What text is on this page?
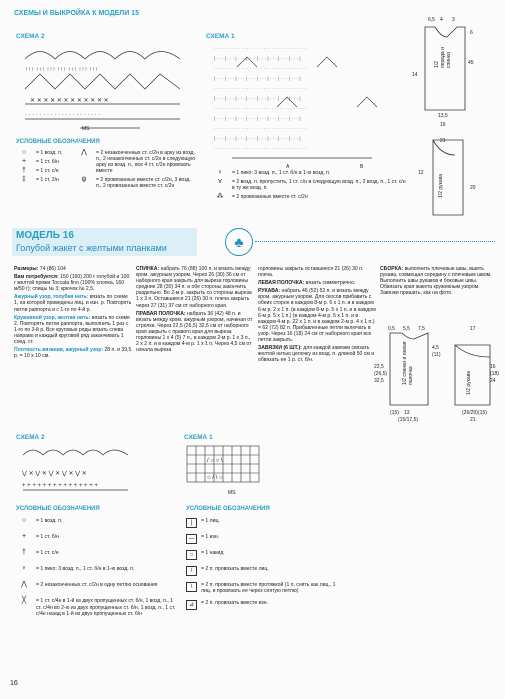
СХЕМЫ И ВЫКРОЙКА К МОДЕЛИ 15
СХЕМА 2	СХЕМА 1
✕ ✕ ✕ ✕ ✕ ✕ ✕ ✕ ✕ ✕ ✕ ✕
↑↑↑ ↑↑↑ ↑↑↑ ↑↑↑ ↑↑↑ ↑↑↑ ↑↑↑
· · · · · · · · · · · · · · · · · · · · ·
MS
· · · · · · · · · · · · · · · · · · · · · · · · · · · · · · · · · ·
| · · · | · · · | · · · | · · · | · · · | · · · | · · · | · · · |
· · · · · · · · · · · · · · · · · · · · · · · · · · · · · · · · · ·
| · · · | · · · | · · · | · · · | · · · | · · · | · · · | · · · |
· · · · · · · · · · · · · · · · · · · · · · · · · · · · · · · · · ·
| · · · | · · · | · · · | · · · | · · · | · · · | · · · | · · · |
· · · · · · · · · · · · · · · · · · · · · · · · · · · · · · · · · ·
| · · · | · · · | · · · | · · · | · · · | · · · | · · · | · · · |
· · · · · · · · · · · · · · · · · · · · · · · · · · · · · · · · · ·
| · · · | · · · | · · · | · · · | · · · | · · · | · · · | · · · |
· · · · · · · · · · · · · · · · · · · · · · · · · · · · · · · · · ·
A	B
♀	= 1 пико: 3 возд. п., 1 ст. б/н в 1-ю возд. п.
⋎	= 2 возд. п. пропустить, 1 ст. с/н в следующую возд. п., 2 возд. п., 1 ст. с/н в ту же возд. п.
⁂	= 2 провязанных вместе ст. с/2н
УСЛОВНЫЕ ОБОЗНАЧЕНИЯ
○	= 1 возд. п.
+	= 1 ст. б/н
†	= 1 ст. с/н
‡	= 1 ст. 2/н
⋀	= 2 незаконченных ст. с/2н в арку из возд. п., 2 незаконченных ст. с/2н в следующую арку из возд. п., все 4 ст. с/2н провязать вместе
ψ	= 2 провязанных вместе ст. с/2н, 3 возд. п., 2 провязанных вместе ст. с/2н
6,5 4 3
6
14
1/2 переда и спинки
13,5
16
45
21
12
20
1/2 рукава
МОДЕЛЬ 16
Голубой жакет с желтыми планками	♣

Размеры: 74 (86) 104

Вам потребуется: 150 (150) 200 г голубой и 100 г желтой пряжи Toccata fino (100% хлопка, 160 м/50 г); спицы № 3; крючок № 2,5.

Ажурный узор, голубая нить: вязать по схеме 1, на которой приведены лиц. и изн. р. Повторять петли раппорта и с 1-го по 4-й р.

Кружевной узор, желтая нить: вязать по схеме 2. Повторять петли раппорта, выполнить 1 раз с 1-го по 3-й р. Все круговые ряды вязать слева направо и каждый круговой ряд заканчивать 1 соед. ст.

Плотность вязания, ажурный узор: 28 п. и 39,5 р. = 10 х 10 см.

СПИНКА: набрать 76 (88) 100 п. и вязать между кром. ажурным узором. Через 26 (30) 36 см от наборного края закрыть для выреза горловины средние 28 (30) 34 п. и обе стороны закончить раздельно. Во 2-м р. закрыть со стороны выреза 1 х 3 п. Оставшиеся 21 (26) 30 п. плеча закрыть через 27 (31) 37 см от наборного края.

ПРАВАЯ ПОЛОЧКА: набрать 36 (42) 48 п. и вязать между кром. ажурным узором, начиная от стрелки. Через 22,5 (26,5) 32,5 см от наборного края закрыть с правого края для выреза горловины 1 х 4 (5) 7 п., в каждом 2-м р. 1 х 3 п., 2 х 2 п. и в каждом 4-м р. 1 х 1 п. Через 4,5 см от начала выреза

горловины закрыть оставшиеся 21 (26) 30 п. плеча.

ЛЕВАЯ ПОЛОЧКА: вязать симметрично.

РУКАВА: набрать 46 (52) 52 п. и вязать между кром. ажурным узором. Для скосов прибавить с обеих сторон в каждом 8-м р. 6 х 1 п. и в каждом 6-м р. 2 х 1 п. (в каждом 8-м р. 5 х 1 п. и в каждом 6-м р. 5 х 1 п.) (в каждом 4-м р. 5 х 1 п. и в каждом 4-м р. 22 х 1 п. и в каждом 2-м р. 4 х 1 п.) = 62 (72) 82 п. Прибавленные петли включать в узор. Через 16 (18) 24 см от наборного края все петли закрыть.

ЗАВЯЗКИ (6 ШТ.): для каждой завязки связать желтой нитью цепочку из возд. п. длиной 50 см и обвязать ее 1 р. ст. б/н.

СБОРКА: выполнить плечевые швы, вшить рукава, совмещая середину с плечевым швом. Выполнить швы рукавов и боковые швы. Обвязать края жакета кружевным узором. Завязки пришить, как на фото.

0,5 5,5 7,5
22,5
(26,5)
32,5	1/2 спинки и левая полочка
4,5
(11)
(15) 13
(15/17,5)
17
16
(18)
24
1/2 рукава
(26/29) (15)
21
СХЕМА 2	СХЕМА 1
⋁ ✕ ⋁ ✕ ⋁ ✕ ⋁ ✕ ⋁ ✕
+ + + + + + + + + + + + + + +
/ ○ ○ \
○ / \ ○
MS
УСЛОВНЫЕ ОБОЗНАЧЕНИЯ
○	= 1 возд. п.
+	= 1 ст. б/н
†	= 1 ст. с/н
♀	= 1 пико: 3 возд. п., 1 ст. б/н в 1-ю возд. п.
⋀	= 2 незаконченных ст. с/2н в одну петлю основания
╳	= 1 ст. с/4н в 1-й из двух пропущенных ст. б/н, 1 возд. п., 1 ст. с/4н во 2-ю из двух пропущенных ст. б/н, 1 возд. п., 1 ст. с/4н назад в 1-й из двух пропущенных ст. б/н
УСЛОВНЫЕ ОБОЗНАЧЕНИЯ
|	= 1 лиц.
—	= 1 изн.
○	= 1 накид
/	= 2 п. провязать вместе лиц.
\	= 2 п. провязать вместе протяжкой (1 п. снять как лиц., 1 лиц. и провязать ее через снятую петлю)
⊿	= 2 п. провязать вместе изн.
16
